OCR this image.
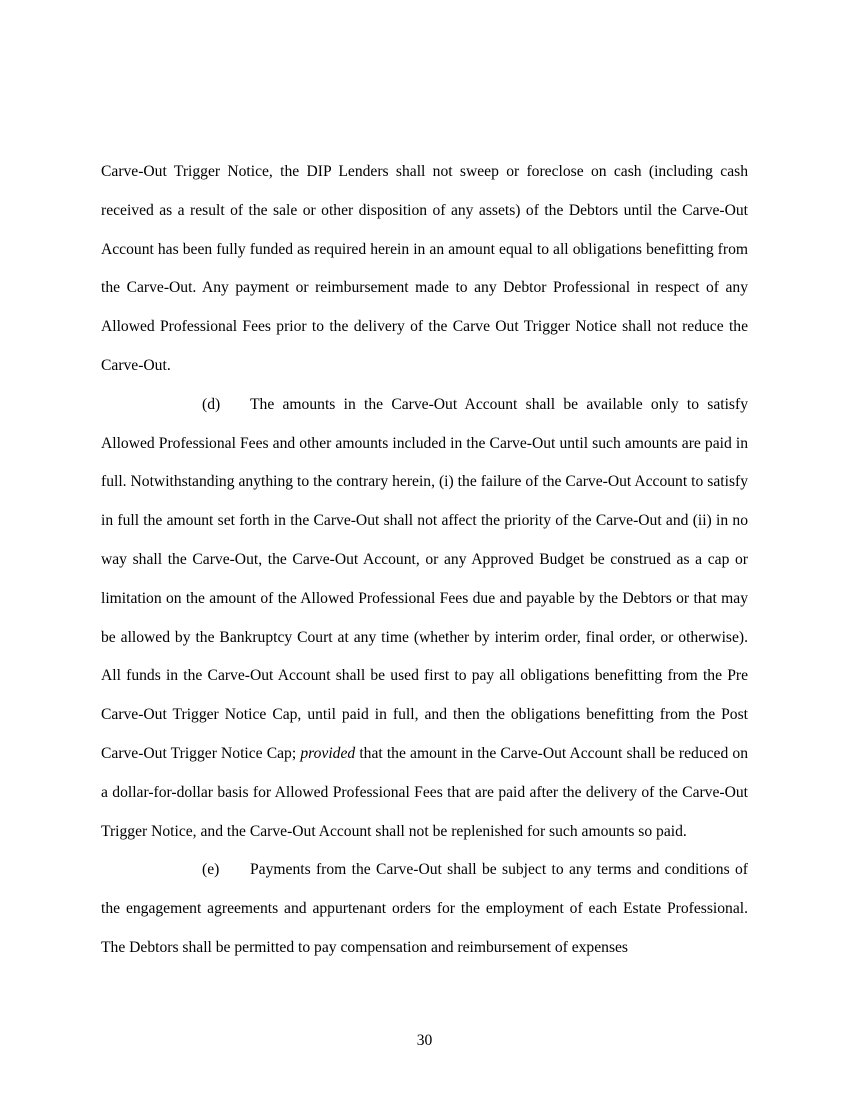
Carve-Out Trigger Notice, the DIP Lenders shall not sweep or foreclose on cash (including cash received as a result of the sale or other disposition of any assets) of the Debtors until the Carve-Out Account has been fully funded as required herein in an amount equal to all obligations benefitting from the Carve-Out. Any payment or reimbursement made to any Debtor Professional in respect of any Allowed Professional Fees prior to the delivery of the Carve Out Trigger Notice shall not reduce the Carve-Out.

(d) The amounts in the Carve-Out Account shall be available only to satisfy Allowed Professional Fees and other amounts included in the Carve-Out until such amounts are paid in full. Notwithstanding anything to the contrary herein, (i) the failure of the Carve-Out Account to satisfy in full the amount set forth in the Carve-Out shall not affect the priority of the Carve-Out and (ii) in no way shall the Carve-Out, the Carve-Out Account, or any Approved Budget be construed as a cap or limitation on the amount of the Allowed Professional Fees due and payable by the Debtors or that may be allowed by the Bankruptcy Court at any time (whether by interim order, final order, or otherwise). All funds in the Carve-Out Account shall be used first to pay all obligations benefitting from the Pre Carve-Out Trigger Notice Cap, until paid in full, and then the obligations benefitting from the Post Carve-Out Trigger Notice Cap; provided that the amount in the Carve-Out Account shall be reduced on a dollar-for-dollar basis for Allowed Professional Fees that are paid after the delivery of the Carve-Out Trigger Notice, and the Carve-Out Account shall not be replenished for such amounts so paid.

(e) Payments from the Carve-Out shall be subject to any terms and conditions of the engagement agreements and appurtenant orders for the employment of each Estate Professional. The Debtors shall be permitted to pay compensation and reimbursement of expenses

30
